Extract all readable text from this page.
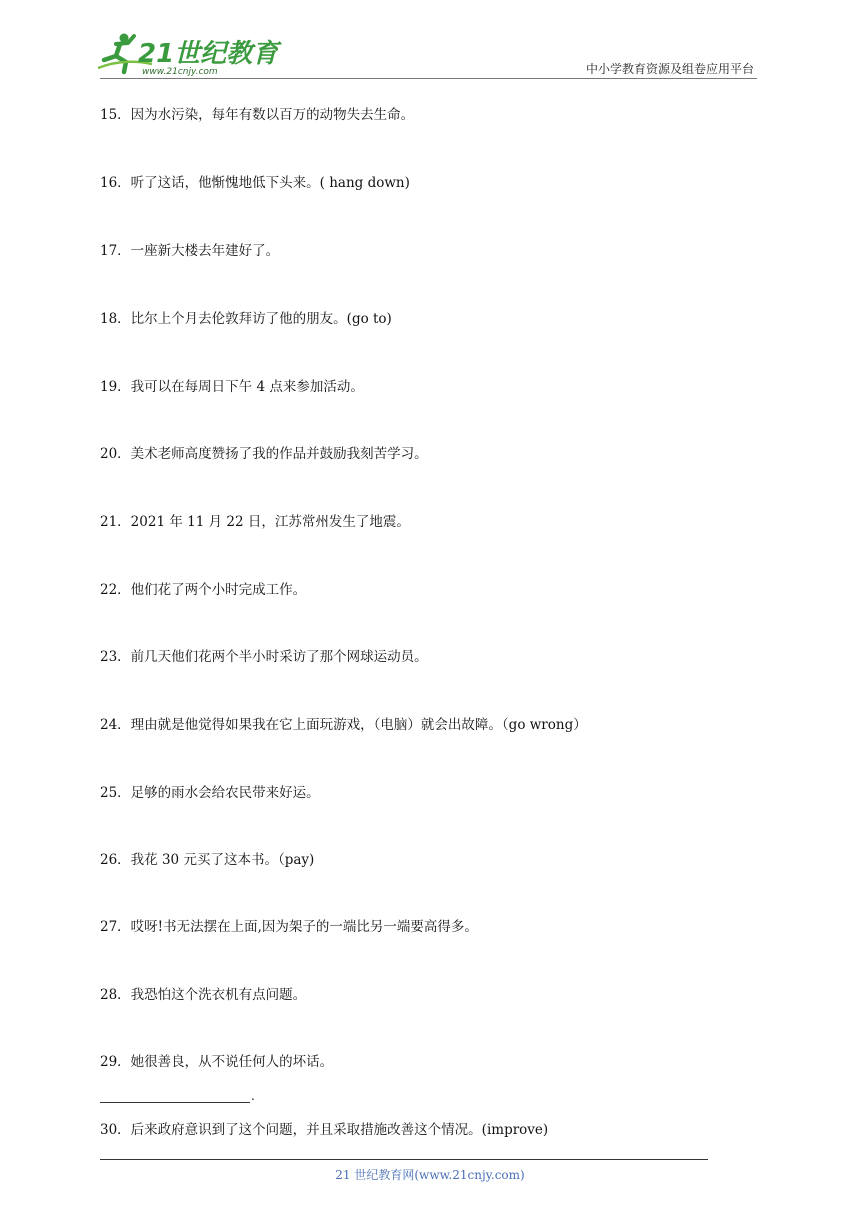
21世纪教育
www.21cnjy.com	中小学教育资源及组卷应用平台
15．因为水污染，每年有数以百万的动物失去生命。
16．听了这话，他惭愧地低下头来。( hang down)
17．一座新大楼去年建好了。
18．比尔上个月去伦敦拜访了他的朋友。(go to)
19．我可以在每周日下午 4 点来参加活动。
20．美术老师高度赞扬了我的作品并鼓励我刻苦学习。
21．2021 年 11 月 22 日，江苏常州发生了地震。
22．他们花了两个小时完成工作。
23．前几天他们花两个半小时采访了那个网球运动员。
24．理由就是他觉得如果我在它上面玩游戏，（电脑）就会出故障。（go wrong）
25．足够的雨水会给农民带来好运。
26．我花 30 元买了这本书。（pay)
27．哎呀!书无法摆在上面,因为架子的一端比另一端要高得多。
28．我恐怕这个洗衣机有点问题。
29．她很善良，从不说任何人的坏话。
.
30．后来政府意识到了这个问题，并且采取措施改善这个情况。(improve)
21 世纪教育网(www.21cnjy.com)
